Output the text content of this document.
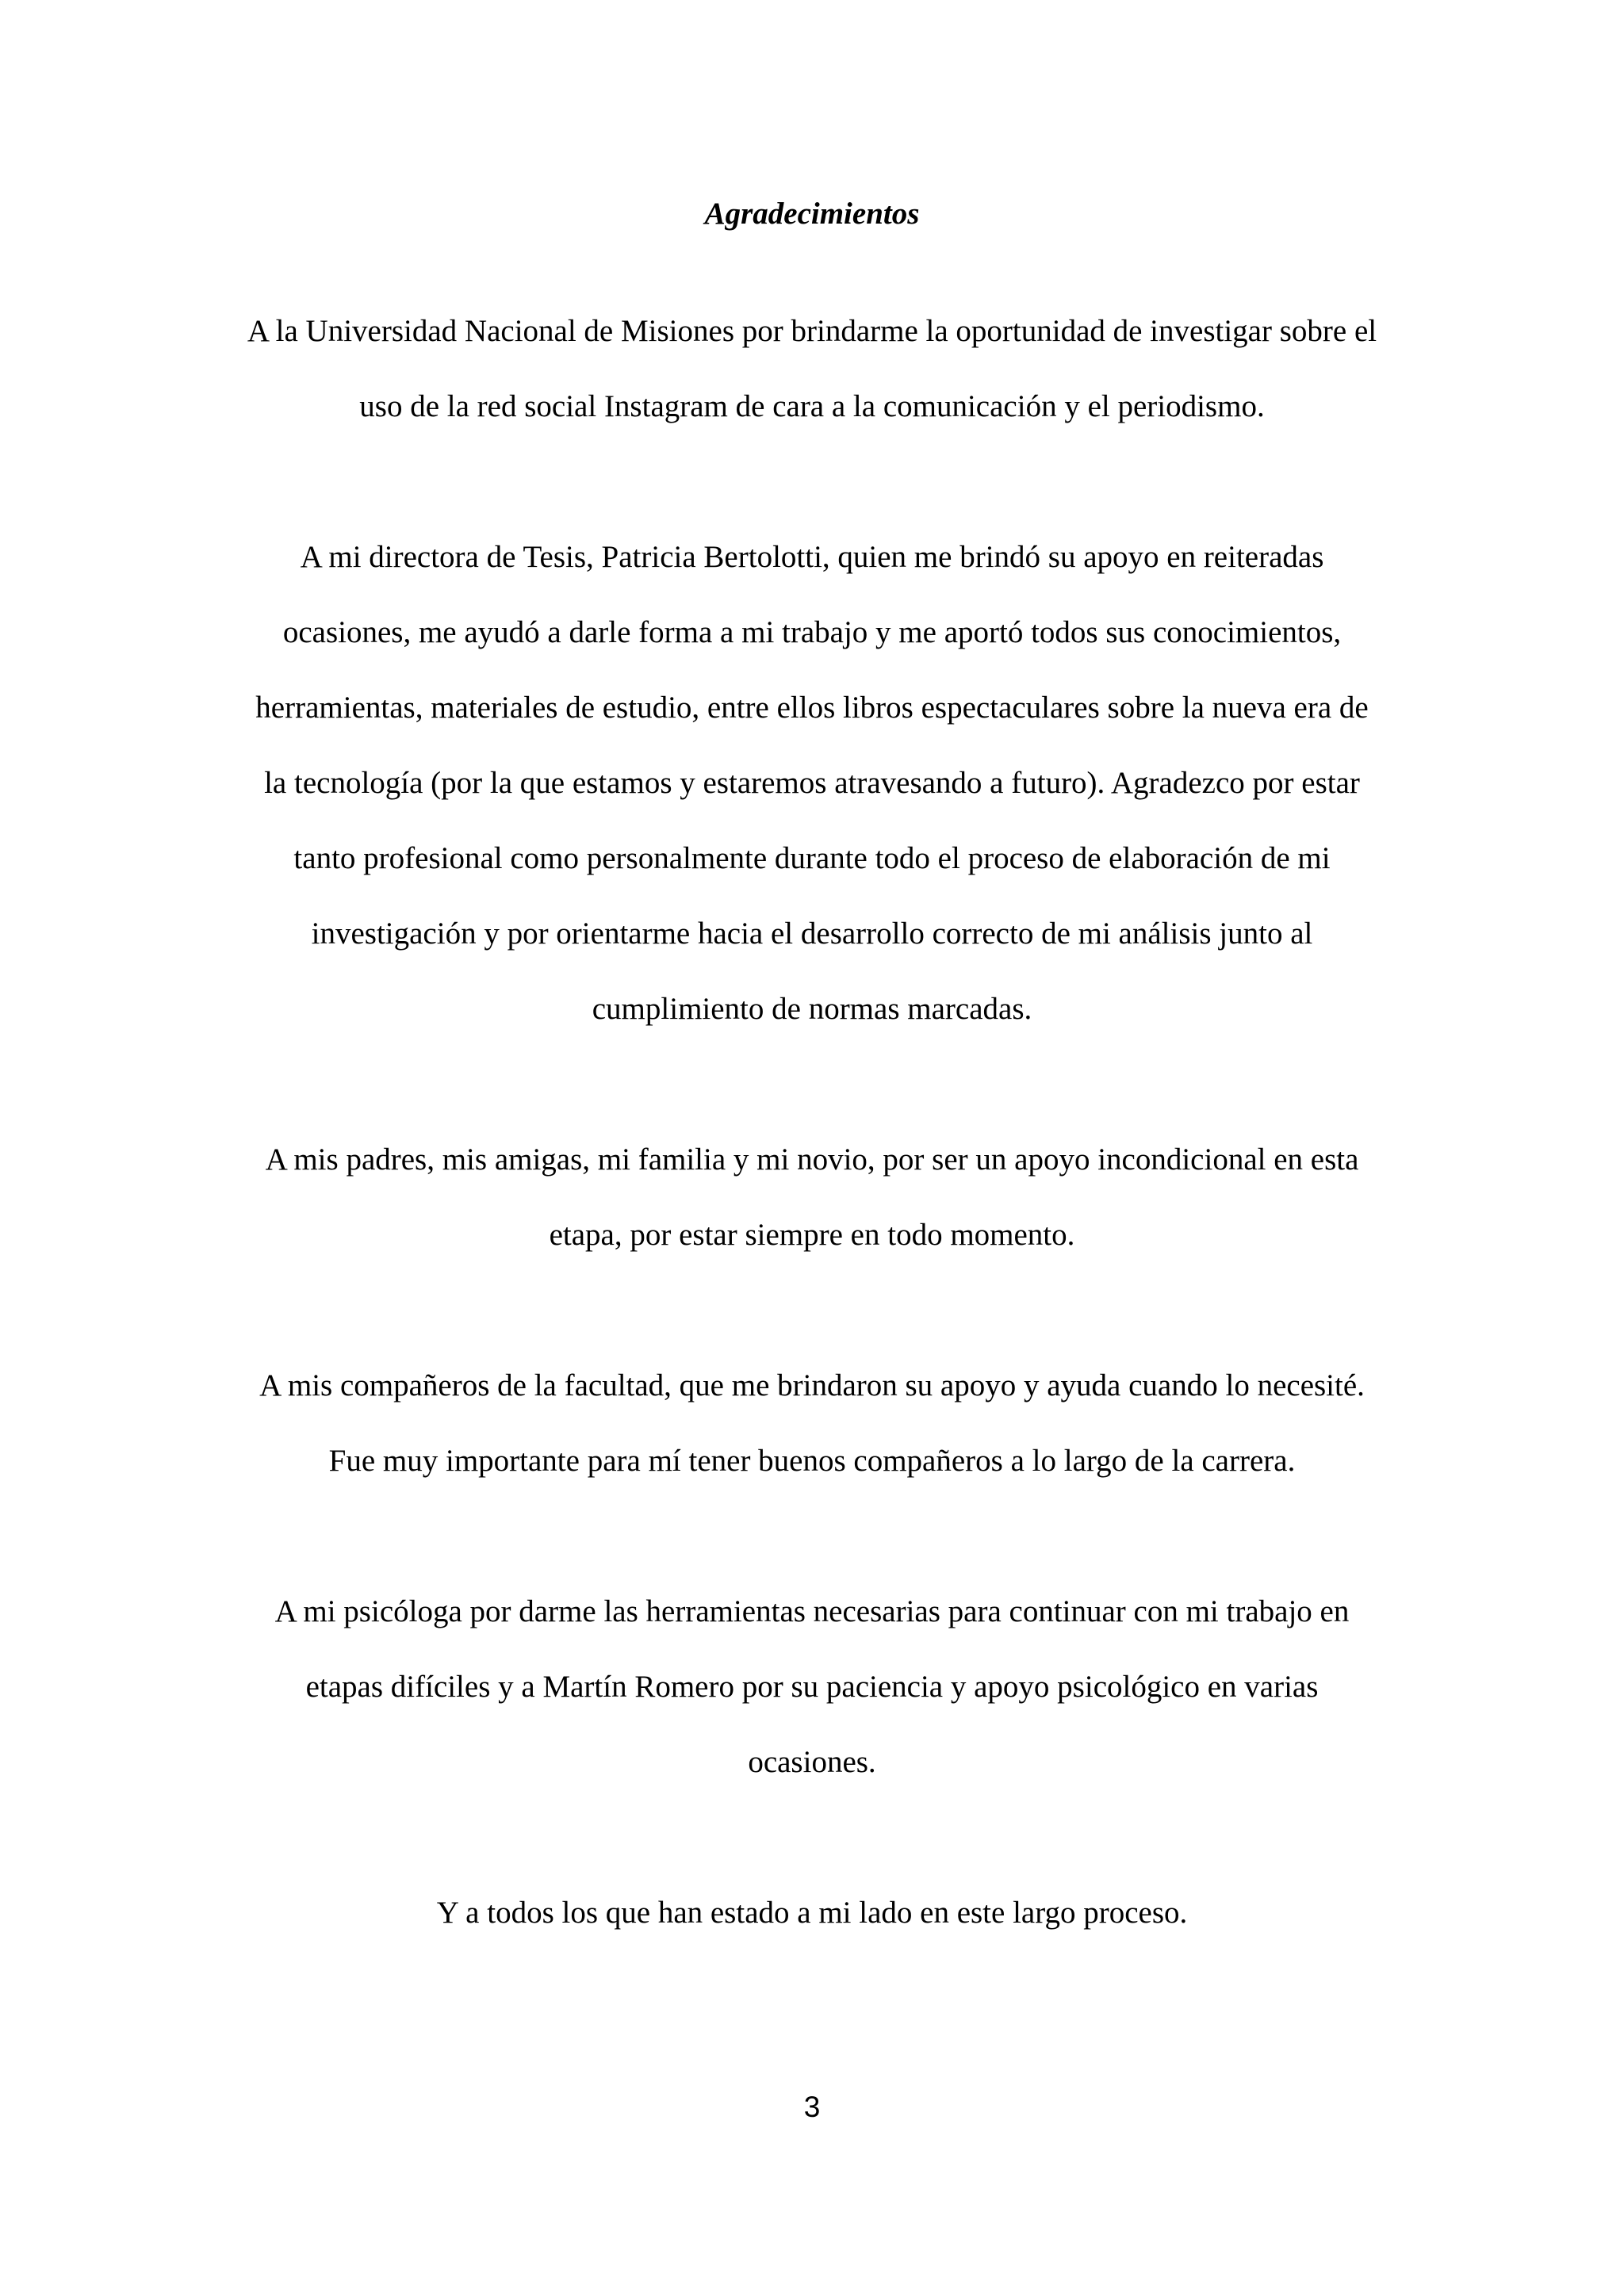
Agradecimientos

A la Universidad Nacional de Misiones por brindarme la oportunidad de investigar sobre el
uso de la red social Instagram de cara a la comunicación y el periodismo.

A mi directora de Tesis, Patricia Bertolotti, quien me brindó su apoyo en reiteradas
ocasiones, me ayudó a darle forma a mi trabajo y me aportó todos sus conocimientos,
herramientas, materiales de estudio, entre ellos libros espectaculares sobre la nueva era de
la tecnología (por la que estamos y estaremos atravesando a futuro). Agradezco por estar
tanto profesional como personalmente durante todo el proceso de elaboración de mi
investigación y por orientarme hacia el desarrollo correcto de mi análisis junto al
cumplimiento de normas marcadas.

A mis padres, mis amigas, mi familia y mi novio, por ser un apoyo incondicional en esta
etapa, por estar siempre en todo momento.

A mis compañeros de la facultad, que me brindaron su apoyo y ayuda cuando lo necesité.
Fue muy importante para mí tener buenos compañeros a lo largo de la carrera.

A mi psicóloga por darme las herramientas necesarias para continuar con mi trabajo en
etapas difíciles y a Martín Romero por su paciencia y apoyo psicológico en varias
ocasiones.

Y a todos los que han estado a mi lado en este largo proceso.

3
